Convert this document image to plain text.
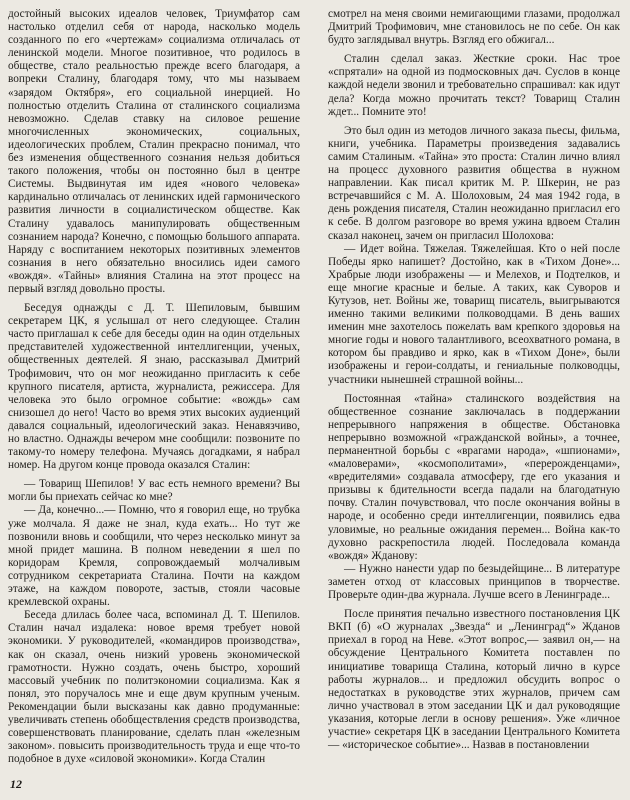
достойный высоких идеалов человек, Триумфатор сам настолько отделил себя от народа, насколько модель созданного по его «чертежам» социализма отличалась от ленинской модели. Многое позитивное, что родилось в обществе, стало реальностью прежде всего благодаря, а вопреки Сталину, благодаря тому, что мы называем «зарядом Октября», его социальной инерцией. Но полностью отделить Сталина от сталинского социализма невозможно. Сделав ставку на силовое решение многочисленных экономических, социальных, идеологических проблем, Сталин прекрасно понимал, что без изменения общественного сознания нельзя добиться такого положения, чтобы он постоянно был в центре Системы. Выдвинутая им идея «нового человека» кардинально отличалась от ленинских идей гармонического развития личности в социалистическом обществе. Как Сталину удавалось манипулировать общественным сознанием народа? Конечно, с помощью большого аппарата. Наряду с воспитанием некоторых позитивных элементов сознания в него обязательно вносились идеи самого «вождя». «Тайны» влияния Сталина на этот процесс на первый взгляд довольно просты.

Беседуя однажды с Д. Т. Шепиловым, бывшим секретарем ЦК, я услышал от него следующее. Сталин часто приглашал к себе для беседы один на один отдельных представителей художественной интеллигенции, ученых, общественных деятелей. Я знаю, рассказывал Дмитрий Трофимович, что он мог неожиданно пригласить к себе крупного писателя, артиста, журналиста, режиссера. Для человека это было огромное событие: «вождь» сам снизошел до него! Часто во время этих высоких аудиенций давался социальный, идеологический заказ. Ненавязчиво, но властно. Однажды вечером мне сообщили: позвоните по такому-то номеру телефона. Мучаясь догадками, я набрал номер. На другом конце провода оказался Сталин:

— Товарищ Шепилов! У вас есть немного времени? Вы могли бы приехать сейчас ко мне?

— Да, конечно...— Помню, что я говорил еще, но трубка уже молчала. Я даже не знал, куда ехать... Но тут же позвонили вновь и сообщили, что через несколько минут за мной придет машина. В полном неведении я шел по коридорам Кремля, сопровождаемый молчаливым сотрудником секретариата Сталина. Почти на каждом этаже, на каждом повороте, застыв, стояли часовые кремлевской охраны.

Беседа длилась более часа, вспоминал Д. Т. Шепилов. Сталин начал издалека: новое время требует новой экономики. У руководителей, «командиров производства», как он сказал, очень низкий уровень экономической грамотности. Нужно создать, очень быстро, хороший массовый учебник по политэкономии социализма. Как я понял, это поручалось мне и еще двум крупным ученым. Рекомендации были высказаны как давно продуманные: увеличивать степень обобществления средств производства, совершенствовать планирование, сделать план «железным законом». повысить производительность труда и еще что-то подобное в духе «силовой экономики». Когда Сталин

смотрел на меня своими немигающими глазами, продолжал Дмитрий Трофимович, мне становилось не по себе. Он как будто заглядывал внутрь. Взгляд его обжигал...

Сталин сделал заказ. Жесткие сроки. Нас трое «спрятали» на одной из подмосковных дач. Суслов в конце каждой недели звонил и требовательно спрашивал: как идут дела? Когда можно прочитать текст? Товарищ Сталин ждет... Помните это!

Это был один из методов личного заказа пьесы, фильма, книги, учебника. Параметры произведения задавались самим Сталиным. «Тайна» это проста: Сталин лично влиял на процесс духовного развития общества в нужном направлении. Как писал критик М. Р. Шкерин, не раз встречавшийся с М. А. Шолоховым, 24 мая 1942 года, в день рождения писателя, Сталин неожиданно пригласил его к себе. В долгом разговоре во время ужина вдвоем Сталин сказал наконец, зачем он пригласил Шолохова:

— Идет война. Тяжелая. Тяжелейшая. Кто о ней после Победы ярко напишет? Достойно, как в «Тихом Доне»... Храбрые люди изображены — и Мелехов, и Подтелков, и еще многие красные и белые. А таких, как Суворов и Кутузов, нет. Войны же, товарищ писатель, выигрываются именно такими великими полководцами. В день ваших именин мне захотелось пожелать вам крепкого здоровья на многие годы и нового талантливого, всеохватного романа, в котором бы правдиво и ярко, как в «Тихом Доне», были изображены и герои-солдаты, и гениальные полководцы, участники нынешней страшной войны...

Постоянная «тайна» сталинского воздействия на общественное сознание заключалась в поддержании непрерывного напряжения в обществе. Обстановка непрерывно возможной «гражданской войны», а точнее, перманентной борьбы с «врагами народа», «шпионами», «маловерами», «космополитами», «перерожденцами», «вредителями» создавала атмосферу, где его указания и призывы к бдительности всегда падали на благодатную почву. Сталин почувствовал, что после окончания войны в народе, и особенно среди интеллигенции, появились едва уловимые, но реальные ожидания перемен... Война как-то духовно раскрепостила людей. Последовала команда «вождя» Жданову:

— Нужно нанести удар по безыдейщине... В литературе заметен отход от классовых принципов в творчестве. Проверьте один-два журнала. Лучше всего в Ленинграде...

После принятия печально известного постановления ЦК ВКП (б) «О журналах „Звезда“ и „Ленинград“» Жданов приехал в город на Неве. «Этот вопрос,— заявил он,— на обсуждение Центрального Комитета поставлен по инициативе товарища Сталина, который лично в курсе работы журналов... и предложил обсудить вопрос о недостатках в руководстве этих журналов, причем сам лично участвовал в этом заседании ЦК и дал руководящие указания, которые легли в основу решения». Уже «личное участие» секретаря ЦК в заседании Центрального Комитета — «историческое событие»... Назвав в постановлении

12
